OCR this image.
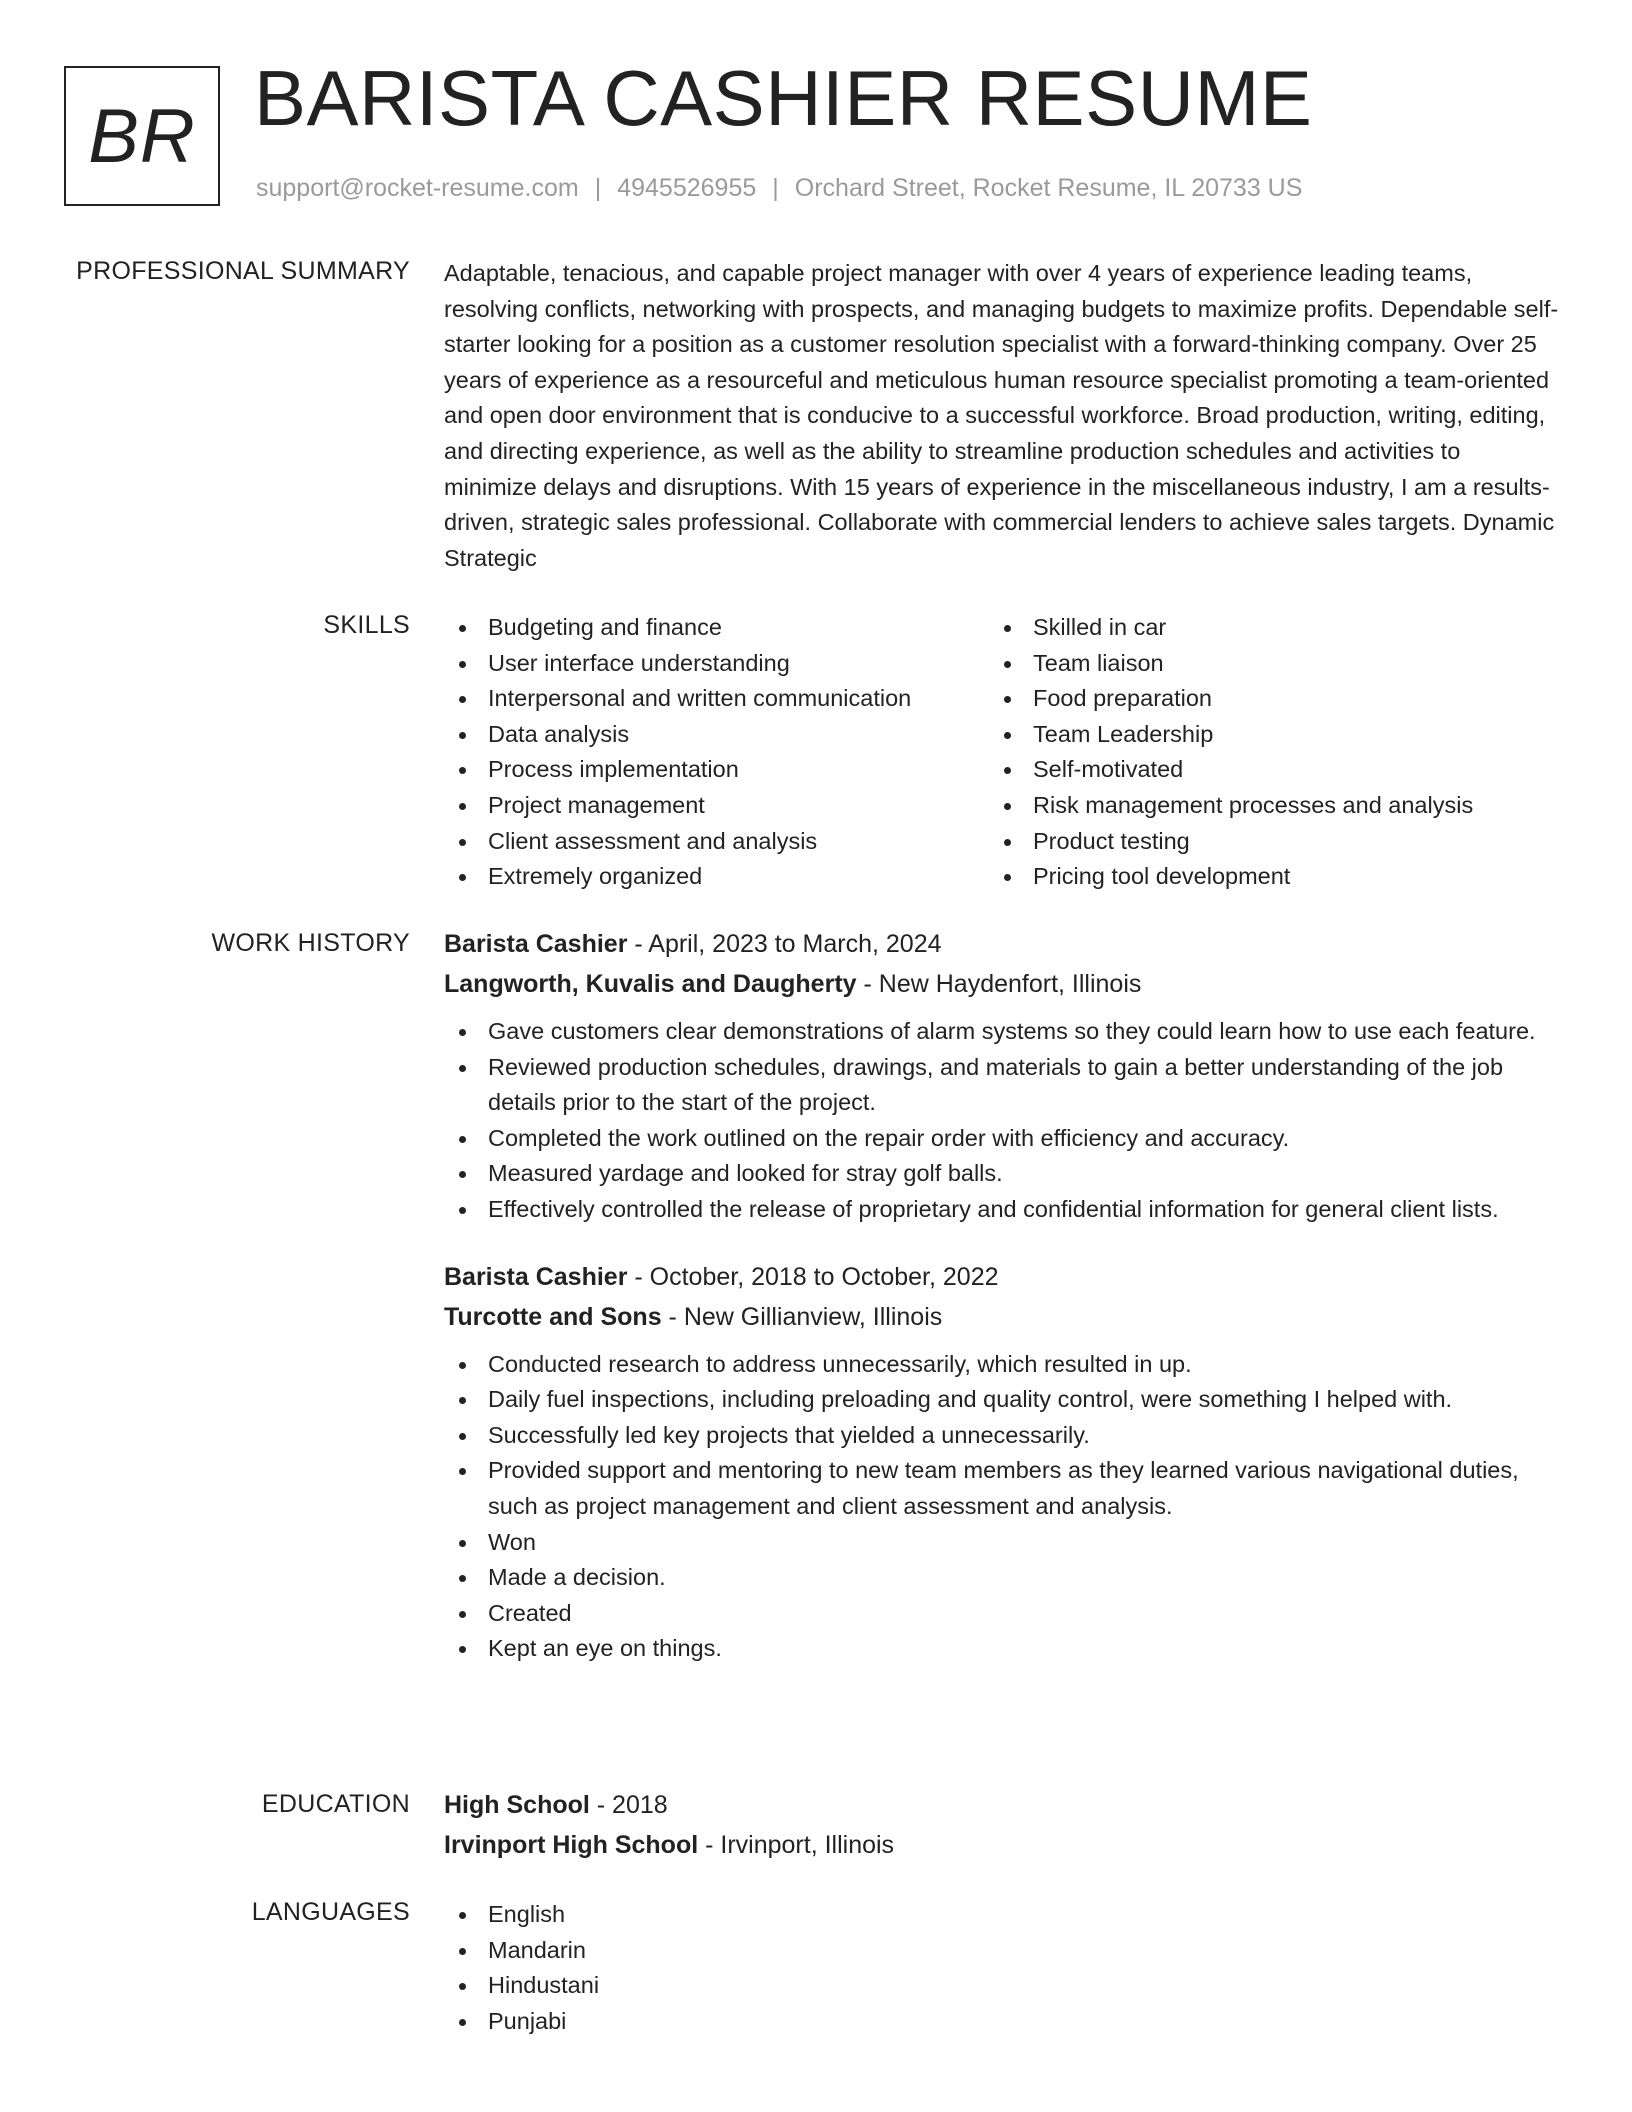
BR BARISTA CASHIER RESUME
support@rocket-resume.com | 4945526955 | Orchard Street, Rocket Resume, IL 20733 US
PROFESSIONAL SUMMARY Adaptable, tenacious, and capable project manager with over 4 years of experience leading teams, resolving conflicts, networking with prospects, and managing budgets to maximize profits. Dependable self-starter looking for a position as a customer resolution specialist with a forward-thinking company. Over 25 years of experience as a resourceful and meticulous human resource specialist promoting a team-oriented and open door environment that is conducive to a successful workforce. Broad production, writing, editing, and directing experience, as well as the ability to streamline production schedules and activities to minimize delays and disruptions. With 15 years of experience in the miscellaneous industry, I am a results-driven, strategic sales professional. Collaborate with commercial lenders to achieve sales targets. Dynamic Strategic

SKILLS	Budgeting and finance
User interface understanding
Interpersonal and written communication
Data analysis
Process implementation
Project management
Client assessment and analysis
Extremely organized
Skilled in car
Team liaison
Food preparation
Team Leadership
Self-motivated
Risk management processes and analysis
Product testing
Pricing tool development
WORK HISTORY Barista Cashier - April, 2023 to March, 2024
Langworth, Kuvalis and Daugherty - New Haydenfort, Illinois
Gave customers clear demonstrations of alarm systems so they could learn how to use each feature.
Reviewed production schedules, drawings, and materials to gain a better understanding of the job details prior to the start of the project.
Completed the work outlined on the repair order with efficiency and accuracy.
Measured yardage and looked for stray golf balls.
Effectively controlled the release of proprietary and confidential information for general client lists.
Barista Cashier - October, 2018 to October, 2022
Turcotte and Sons - New Gillianview, Illinois
Conducted research to address unnecessarily, which resulted in up.
Daily fuel inspections, including preloading and quality control, were something I helped with.
Successfully led key projects that yielded a unnecessarily.
Provided support and mentoring to new team members as they learned various navigational duties, such as project management and client assessment and analysis.
Won
Made a decision.
Created
Kept an eye on things.
EDUCATION High School - 2018
Irvinport High School - Irvinport, Illinois
LANGUAGES	English
Mandarin
Hindustani
Punjabi
